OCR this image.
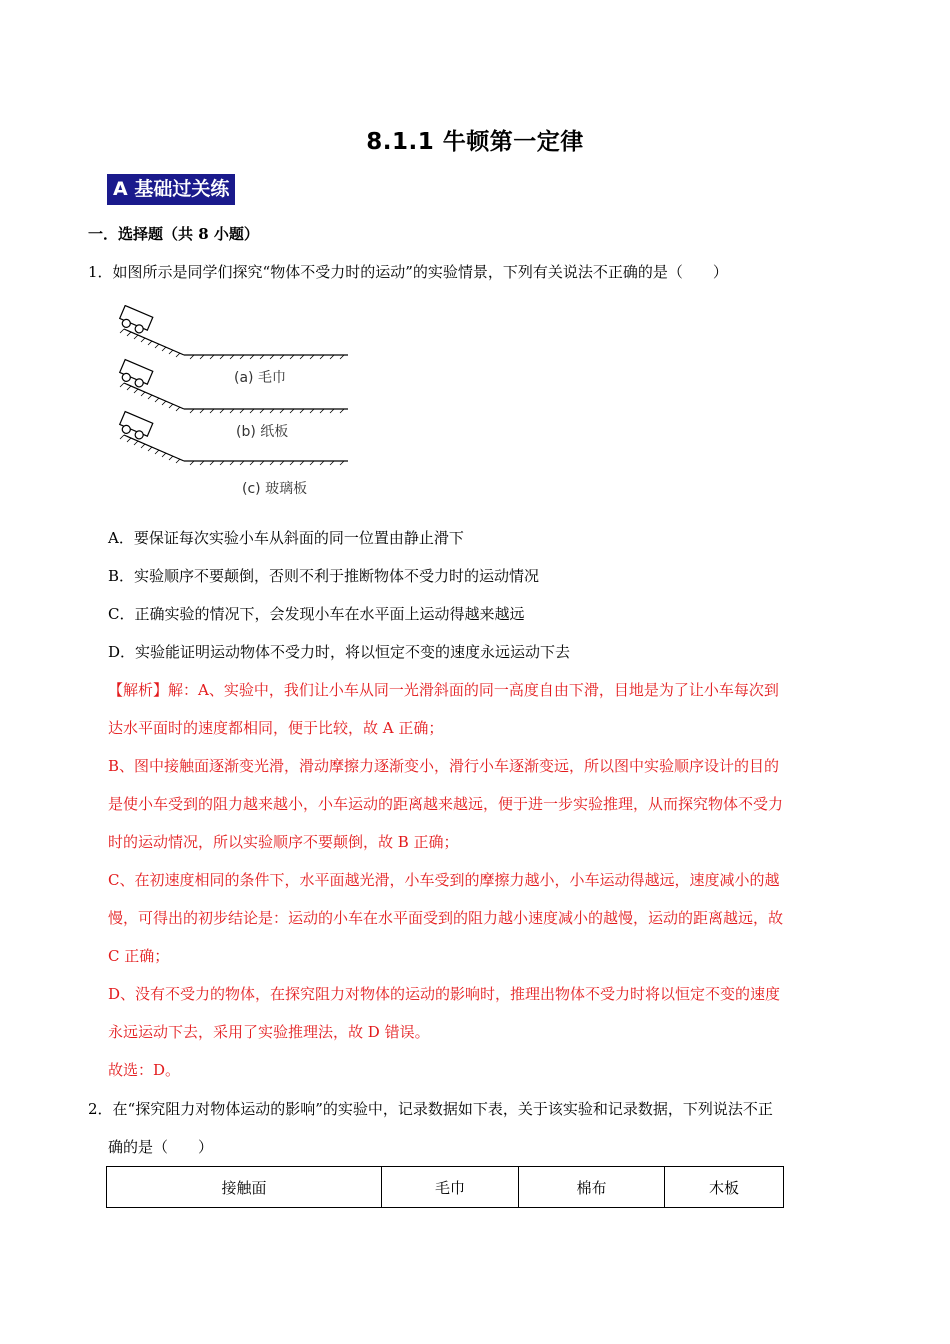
8.1.1 牛顿第一定律
A 基础过关练
一．选择题（共 8 小题）
1．如图所示是同学们探究“物体不受力时的运动”的实验情景，下列有关说法不正确的是（　　）
(a) 毛巾
(b) 纸板
(c) 玻璃板
A．要保证每次实验小车从斜面的同一位置由静止滑下
B．实验顺序不要颠倒，否则不利于推断物体不受力时的运动情况
C．正确实验的情况下，会发现小车在水平面上运动得越来越远
D．实验能证明运动物体不受力时，将以恒定不变的速度永远运动下去
【解析】解：A、实验中，我们让小车从同一光滑斜面的同一高度自由下滑，目地是为了让小车每次到
达水平面时的速度都相同，便于比较，故 A 正确；
B、图中接触面逐渐变光滑，滑动摩擦力逐渐变小，滑行小车逐渐变远，所以图中实验顺序设计的目的
是使小车受到的阻力越来越小，小车运动的距离越来越远，便于进一步实验推理，从而探究物体不受力
时的运动情况，所以实验顺序不要颠倒，故 B 正确；
C、在初速度相同的条件下，水平面越光滑，小车受到的摩擦力越小，小车运动得越远，速度减小的越
慢，可得出的初步结论是：运动的小车在水平面受到的阻力越小速度减小的越慢，运动的距离越远，故
C 正确；
D、没有不受力的物体，在探究阻力对物体的运动的影响时，推理出物体不受力时将以恒定不变的速度
永远运动下去，采用了实验推理法，故 D 错误。
故选：D。
2．在“探究阻力对物体运动的影响”的实验中，记录数据如下表，关于该实验和记录数据，下列说法不正
确的是（　　）
接触面	毛巾	棉布	木板
